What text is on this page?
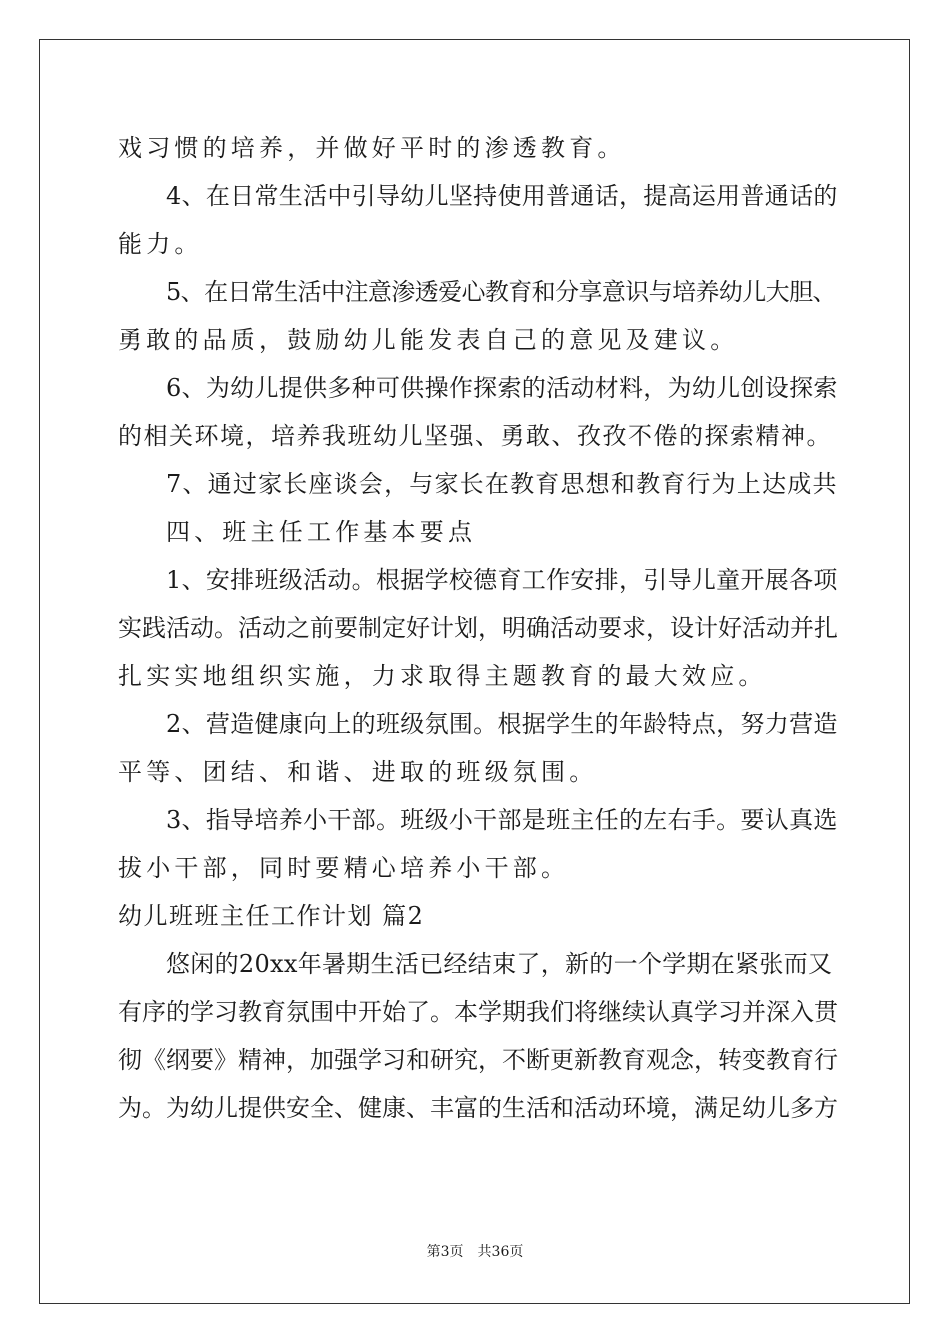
戏习惯的培养，并做好平时的渗透教育。
4、在日常生活中引导幼儿坚持使用普通话，提高运用普通话的
能力。
5、在日常生活中注意渗透爱心教育和分享意识与培养幼儿大胆、
勇敢的品质，鼓励幼儿能发表自己的意见及建议。
6、为幼儿提供多种可供操作探索的活动材料，为幼儿创设探索
的相关环境，培养我班幼儿坚强、勇敢、孜孜不倦的探索精神。
7、通过家长座谈会，与家长在教育思想和教育行为上达成共
四、班主任工作基本要点
1、安排班级活动。根据学校德育工作安排，引导儿童开展各项
实践活动。活动之前要制定好计划，明确活动要求，设计好活动并扎
扎实实地组织实施，力求取得主题教育的最大效应。
2、营造健康向上的班级氛围。根据学生的年龄特点，努力营造
平等、团结、和谐、进取的班级氛围。
3、指导培养小干部。班级小干部是班主任的左右手。要认真选
拔小干部，同时要精心培养小干部。
幼儿班班主任工作计划 篇2
悠闲的20xx年暑期生活已经结束了，新的一个学期在紧张而又
有序的学习教育氛围中开始了。本学期我们将继续认真学习并深入贯
彻《纲要》精神，加强学习和研究，不断更新教育观念，转变教育行
为。为幼儿提供安全、健康、丰富的生活和活动环境，满足幼儿多方
第3页 共36页
